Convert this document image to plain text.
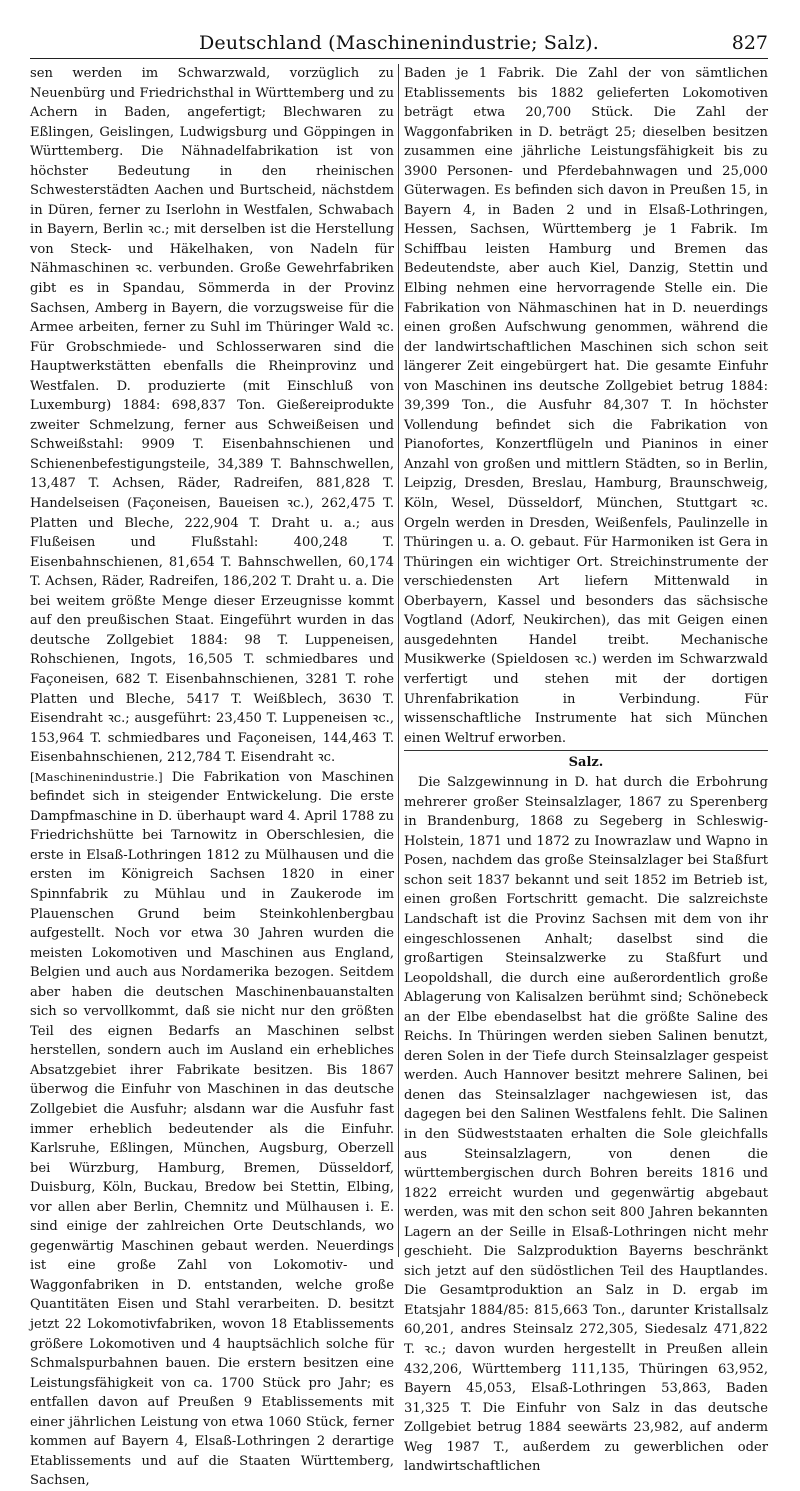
Deutschland (Maschinenindustrie; Salz).	827

sen werden im Schwarzwald, vorzüglich zu Neuenbürg und Friedrichsthal in Württemberg und zu Achern in Baden, angefertigt; Blechwaren zu Eßlingen, Geislingen, Ludwigsburg und Göppingen in Württemberg. Die Nähnadelfabrikation ist von höchster Bedeutung in den rheinischen Schwesterstädten Aachen und Burtscheid, nächstdem in Düren, ferner zu Iserlohn in Westfalen, Schwabach in Bayern, Berlin ꝛc.; mit derselben ist die Herstellung von Steck- und Häkelhaken, von Nadeln für Nähmaschinen ꝛc. verbunden. Große Gewehrfabriken gibt es in Spandau, Sömmerda in der Provinz Sachsen, Amberg in Bayern, die vorzugsweise für die Armee arbeiten, ferner zu Suhl im Thüringer Wald ꝛc. Für Grobschmiede- und Schlosserwaren sind die Hauptwerkstätten ebenfalls die Rheinprovinz und Westfalen. D. produzierte (mit Einschluß von Luxemburg) 1884: 698,837 Ton. Gießereiprodukte zweiter Schmelzung, ferner aus Schweißeisen und Schweißstahl: 9909 T. Eisenbahnschienen und Schienenbefestigungsteile, 34,389 T. Bahnschwellen, 13,487 T. Achsen, Räder, Radreifen, 881,828 T. Handelseisen (Façoneisen, Baueisen ꝛc.), 262,475 T. Platten und Bleche, 222,904 T. Draht u. a.; aus Flußeisen und Flußstahl: 400,248 T. Eisenbahnschienen, 81,654 T. Bahnschwellen, 60,174 T. Achsen, Räder, Radreifen, 186,202 T. Draht u. a. Die bei weitem größte Menge dieser Erzeugnisse kommt auf den preußischen Staat. Eingeführt wurden in das deutsche Zollgebiet 1884: 98 T. Luppeneisen, Rohschienen, Ingots, 16,505 T. schmiedbares und Façoneisen, 682 T. Eisenbahnschienen, 3281 T. rohe Platten und Bleche, 5417 T. Weißblech, 3630 T. Eisendraht ꝛc.; ausgeführt: 23,450 T. Luppeneisen ꝛc., 153,964 T. schmiedbares und Façoneisen, 144,463 T. Eisenbahnschienen, 212,784 T. Eisendraht ꝛc.

[Maschinenindustrie.] Die Fabrikation von Maschinen befindet sich in steigender Entwickelung. Die erste Dampfmaschine in D. überhaupt ward 4. April 1788 zu Friedrichshütte bei Tarnowitz in Oberschlesien, die erste in Elsaß-Lothringen 1812 zu Mülhausen und die ersten im Königreich Sachsen 1820 in einer Spinnfabrik zu Mühlau und in Zaukerode im Plauenschen Grund beim Steinkohlenbergbau aufgestellt. Noch vor etwa 30 Jahren wurden die meisten Lokomotiven und Maschinen aus England, Belgien und auch aus Nordamerika bezogen. Seitdem aber haben die deutschen Maschinenbauanstalten sich so vervollkommt, daß sie nicht nur den größten Teil des eignen Bedarfs an Maschinen selbst herstellen, sondern auch im Ausland ein erhebliches Absatzgebiet ihrer Fabrikate besitzen. Bis 1867 überwog die Einfuhr von Maschinen in das deutsche Zollgebiet die Ausfuhr; alsdann war die Ausfuhr fast immer erheblich bedeutender als die Einfuhr. Karlsruhe, Eßlingen, München, Augsburg, Oberzell bei Würzburg, Hamburg, Bremen, Düsseldorf, Duisburg, Köln, Buckau, Bredow bei Stettin, Elbing, vor allen aber Berlin, Chemnitz und Mülhausen i. E. sind einige der zahlreichen Orte Deutschlands, wo gegenwärtig Maschinen gebaut werden. Neuerdings ist eine große Zahl von Lokomotiv- und Waggonfabriken in D. entstanden, welche große Quantitäten Eisen und Stahl verarbeiten. D. besitzt jetzt 22 Lokomotivfabriken, wovon 18 Etablissements größere Lokomotiven und 4 hauptsächlich solche für Schmalspurbahnen bauen. Die erstern besitzen eine Leistungsfähigkeit von ca. 1700 Stück pro Jahr; es entfallen davon auf Preußen 9 Etablissements mit einer jährlichen Leistung von etwa 1060 Stück, ferner kommen auf Bayern 4, Elsaß-Lothringen 2 derartige Etablissements und auf die Staaten Württemberg, Sachsen,

Baden je 1 Fabrik. Die Zahl der von sämtlichen Etablissements bis 1882 gelieferten Lokomotiven beträgt etwa 20,700 Stück. Die Zahl der Waggonfabriken in D. beträgt 25; dieselben besitzen zusammen eine jährliche Leistungsfähigkeit bis zu 3900 Personen- und Pferdebahnwagen und 25,000 Güterwagen. Es befinden sich davon in Preußen 15, in Bayern 4, in Baden 2 und in Elsaß-Lothringen, Hessen, Sachsen, Württemberg je 1 Fabrik. Im Schiffbau leisten Hamburg und Bremen das Bedeutendste, aber auch Kiel, Danzig, Stettin und Elbing nehmen eine hervorragende Stelle ein. Die Fabrikation von Nähmaschinen hat in D. neuerdings einen großen Aufschwung genommen, während die der landwirtschaftlichen Maschinen sich schon seit längerer Zeit eingebürgert hat. Die gesamte Einfuhr von Maschinen ins deutsche Zollgebiet betrug 1884: 39,399 Ton., die Ausfuhr 84,307 T. In höchster Vollendung befindet sich die Fabrikation von Pianofortes, Konzertflügeln und Pianinos in einer Anzahl von großen und mittlern Städten, so in Berlin, Leipzig, Dresden, Breslau, Hamburg, Braunschweig, Köln, Wesel, Düsseldorf, München, Stuttgart ꝛc. Orgeln werden in Dresden, Weißenfels, Paulinzelle in Thüringen u. a. O. gebaut. Für Harmoniken ist Gera in Thüringen ein wichtiger Ort. Streichinstrumente der verschiedensten Art liefern Mittenwald in Oberbayern, Kassel und besonders das sächsische Vogtland (Adorf, Neukirchen), das mit Geigen einen ausgedehnten Handel treibt. Mechanische Musikwerke (Spieldosen ꝛc.) werden im Schwarzwald verfertigt und stehen mit der dortigen Uhrenfabrikation in Verbindung. Für wissenschaftliche Instrumente hat sich München einen Weltruf erworben.

Salz.

Die Salzgewinnung in D. hat durch die Erbohrung mehrerer großer Steinsalzlager, 1867 zu Sperenberg in Brandenburg, 1868 zu Segeberg in Schleswig-Holstein, 1871 und 1872 zu Inowrazlaw und Wapno in Posen, nachdem das große Steinsalzlager bei Staßfurt schon seit 1837 bekannt und seit 1852 im Betrieb ist, einen großen Fortschritt gemacht. Die salzreichste Landschaft ist die Provinz Sachsen mit dem von ihr eingeschlossenen Anhalt; daselbst sind die großartigen Steinsalzwerke zu Staßfurt und Leopoldshall, die durch eine außerordentlich große Ablagerung von Kalisalzen berühmt sind; Schönebeck an der Elbe ebendaselbst hat die größte Saline des Reichs. In Thüringen werden sieben Salinen benutzt, deren Solen in der Tiefe durch Steinsalzlager gespeist werden. Auch Hannover besitzt mehrere Salinen, bei denen das Steinsalzlager nachgewiesen ist, das dagegen bei den Salinen Westfalens fehlt. Die Salinen in den Südweststaaten erhalten die Sole gleichfalls aus Steinsalzlagern, von denen die württembergischen durch Bohren bereits 1816 und 1822 erreicht wurden und gegenwärtig abgebaut werden, was mit den schon seit 800 Jahren bekannten Lagern an der Seille in Elsaß-Lothringen nicht mehr geschieht. Die Salzproduktion Bayerns beschränkt sich jetzt auf den südöstlichen Teil des Hauptlandes. Die Gesamtproduktion an Salz in D. ergab im Etatsjahr 1884/85: 815,663 Ton., darunter Kristallsalz 60,201, andres Steinsalz 272,305, Siedesalz 471,822 T. ꝛc.; davon wurden hergestellt in Preußen allein 432,206, Württemberg 111,135, Thüringen 63,952, Bayern 45,053, Elsaß-Lothringen 53,863, Baden 31,325 T. Die Einfuhr von Salz in das deutsche Zollgebiet betrug 1884 seewärts 23,982, auf anderm Weg 1987 T., außerdem zu gewerblichen oder landwirtschaftlichen
